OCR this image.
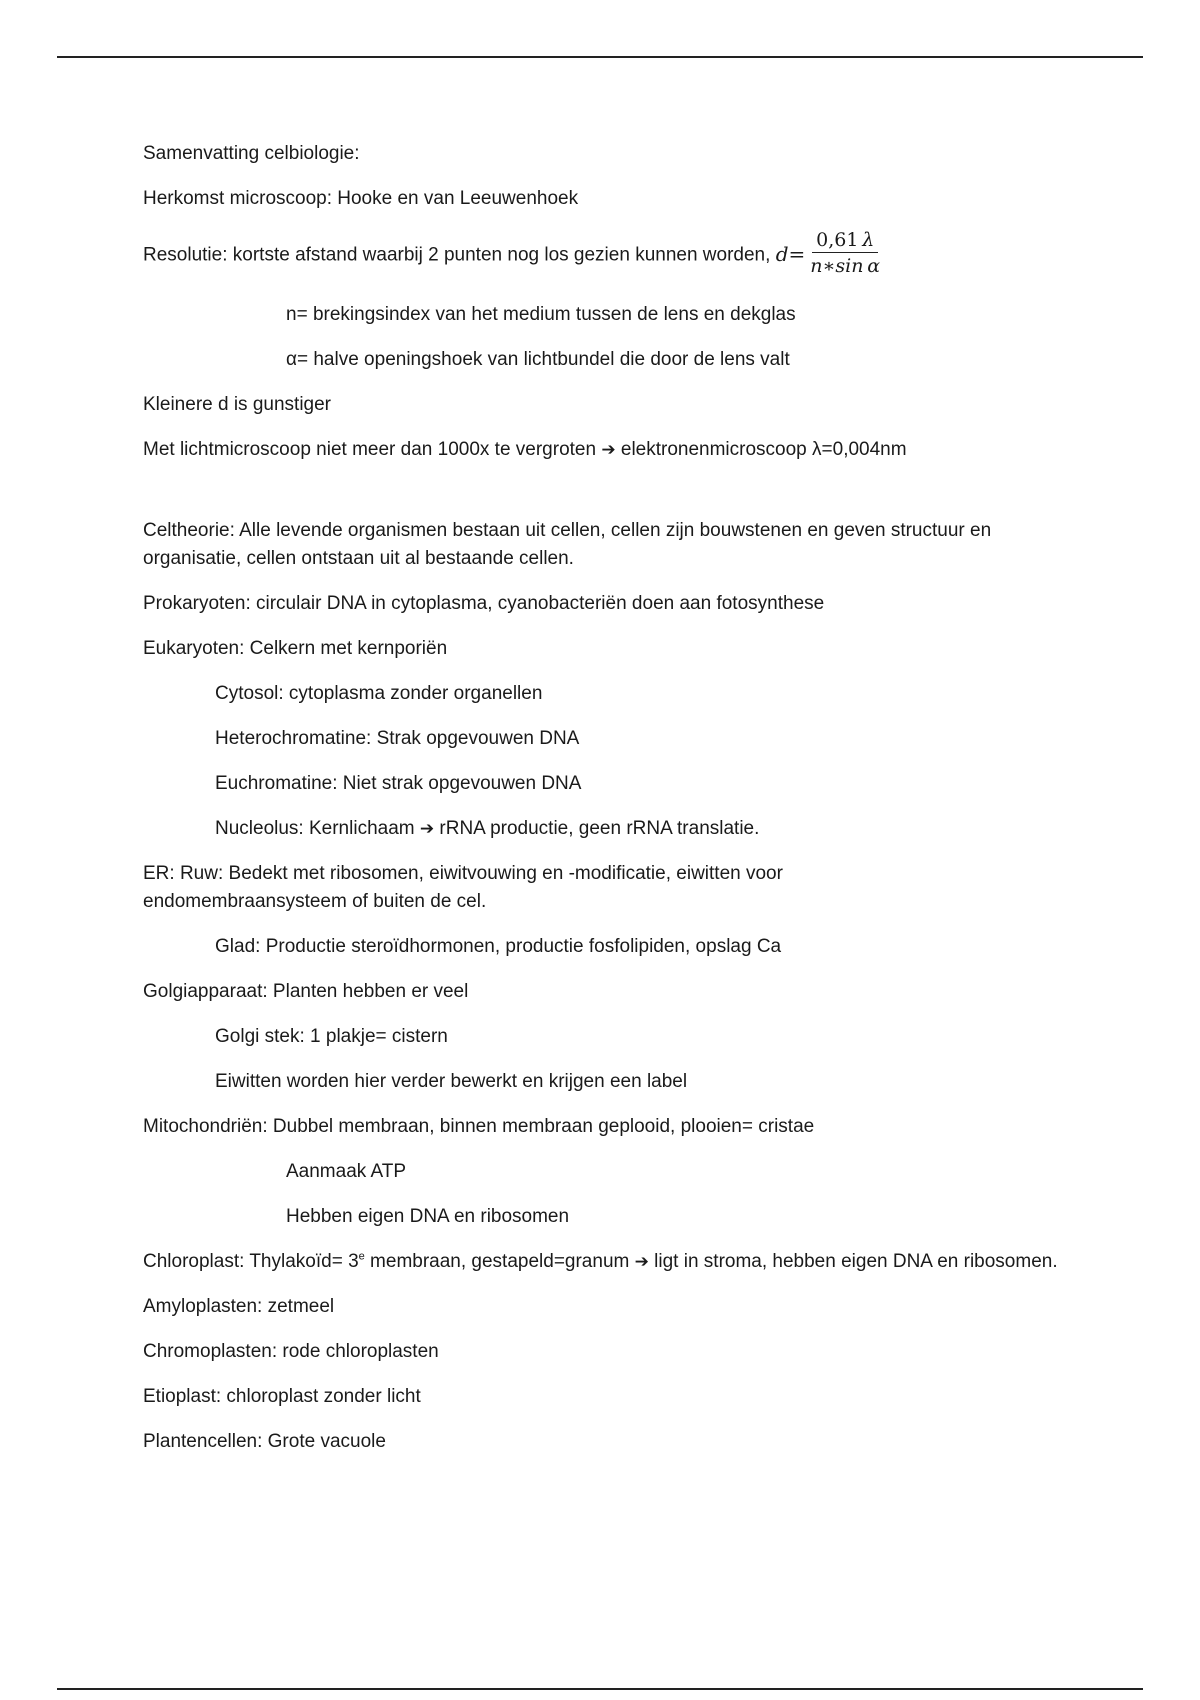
Samenvatting celbiologie:

Herkomst microscoop: Hooke en van Leeuwenhoek

Resolutie: kortste afstand waarbij 2 punten nog los gezien kunnen worden, $d = \frac{0,61 \lambda}{\text{n∗sin  α}}$

n= brekingsindex van het medium tussen de lens en dekglas

α= halve openingshoek van lichtbundel die door de lens valt

Kleinere d is gunstiger

Met lichtmicroscoop niet meer dan 1000x te vergroten ➔ elektronenmicroscoop λ=0,004nm

Celtheorie: Alle levende organismen bestaan uit cellen, cellen zijn bouwstenen en geven structuur en organisatie, cellen ontstaan uit al bestaande cellen.

Prokaryoten: circulair DNA in cytoplasma, cyanobacteriën doen aan fotosynthese

Eukaryoten: Celkern met kernporiën

Cytosol: cytoplasma zonder organellen

Heterochromatine: Strak opgevouwen DNA

Euchromatine: Niet strak opgevouwen DNA

Nucleolus: Kernlichaam ➔ rRNA productie, geen rRNA translatie.

ER: Ruw: Bedekt met ribosomen, eiwitvouwing en -modificatie, eiwitten voor endomembraansysteem of buiten de cel.

Glad: Productie steroïdhormonen, productie fosfolipiden, opslag Ca

Golgiapparaat: Planten hebben er veel

Golgi stek: 1 plakje= cistern

Eiwitten worden hier verder bewerkt en krijgen een label

Mitochondriën: Dubbel membraan, binnen membraan geplooid, plooien= cristae

Aanmaak ATP

Hebben eigen DNA en ribosomen

Chloroplast: Thylakoïd= $3^e$ membraan, gestapeld=granum ➔ ligt in stroma, hebben eigen DNA en ribosomen.

Amyloplasten: zetmeel

Chromoplasten: rode chloroplasten

Etioplast: chloroplast zonder licht

Plantencellen: Grote vacuole
